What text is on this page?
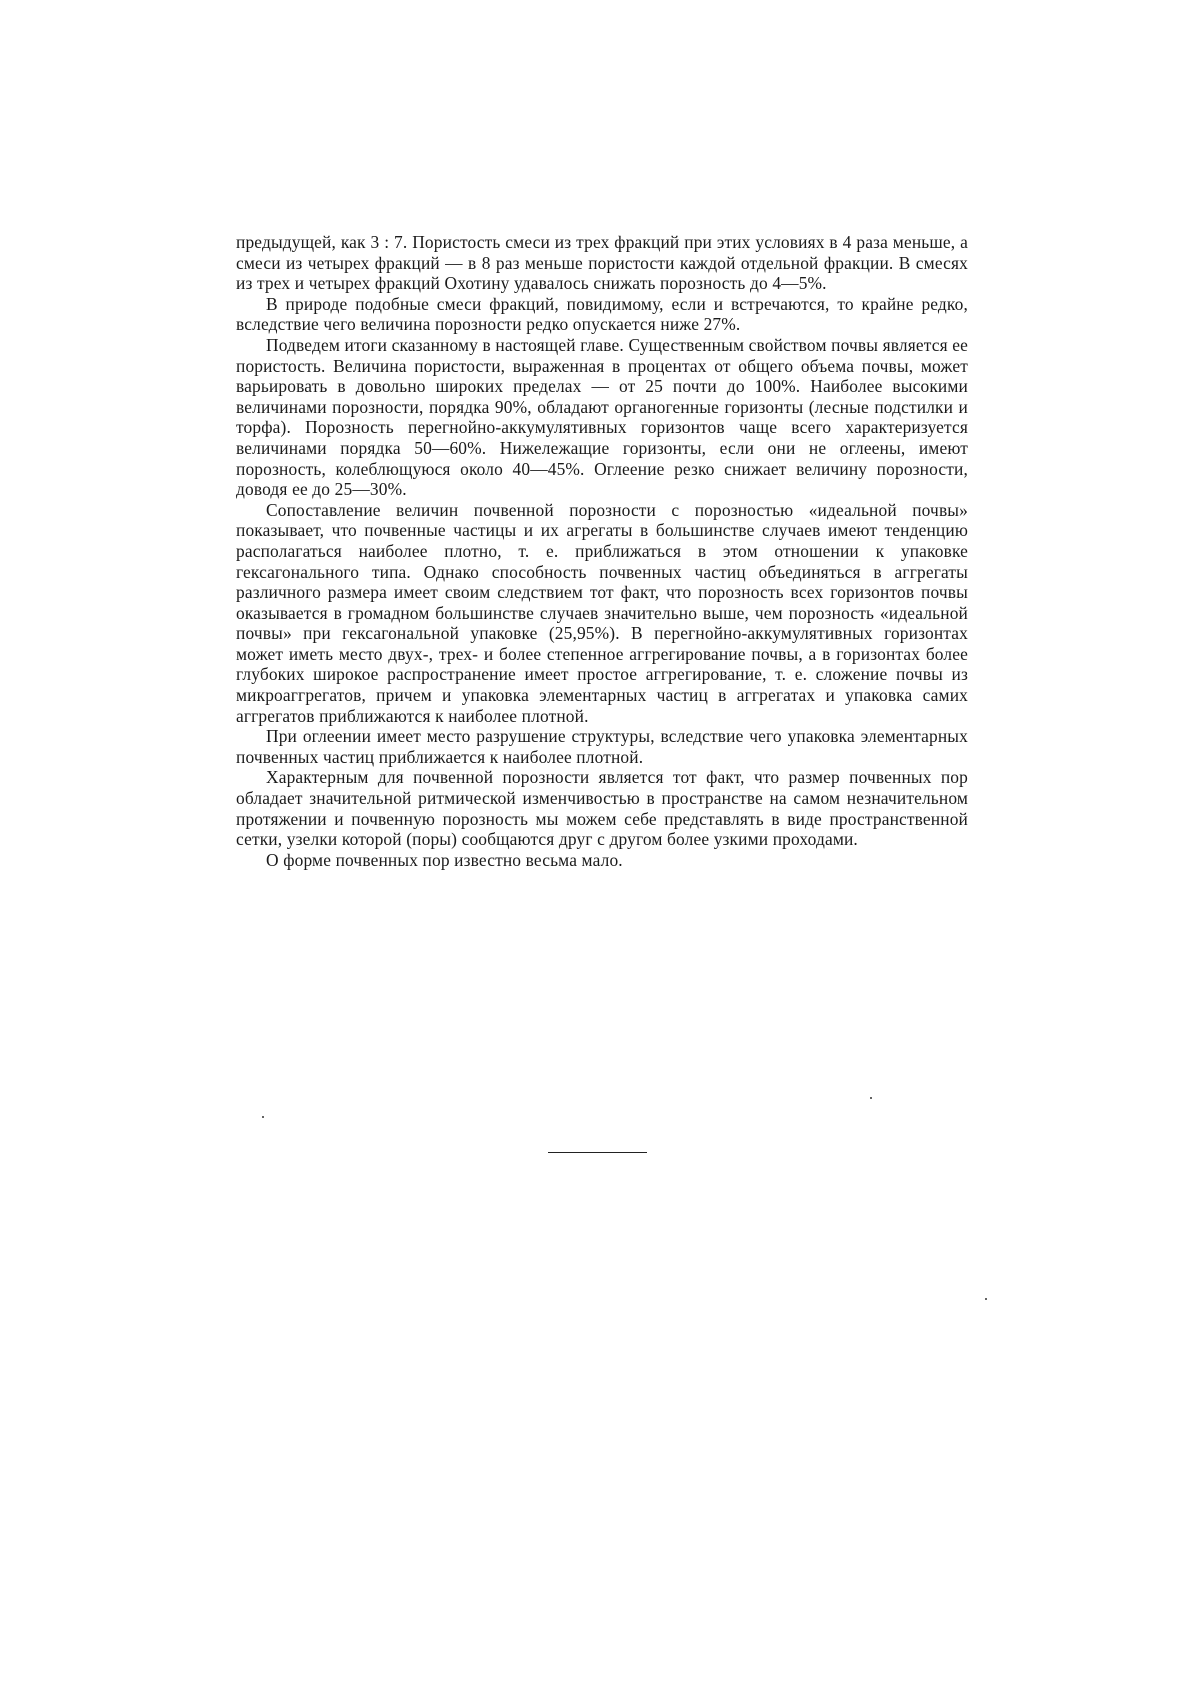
предыдущей, как 3 : 7. Пористость смеси из трех фракций при этих условиях в 4 раза меньше, а смеси из четырех фракций — в 8 раз меньше пористости каждой отдельной фракции. В смесях из трех и четырех фракций Охотину удавалось снижать порозность до 4—5%.

В природе подобные смеси фракций, повидимому, если и встречаются, то крайне редко, вследствие чего величина порозности редко опускается ниже 27%.

Подведем итоги сказанному в настоящей главе. Существенным свойством почвы является ее пористость. Величина пористости, выраженная в процентах от общего объема почвы, может варьировать в довольно широких пределах — от 25 почти до 100%. Наиболее высокими величинами порозности, порядка 90%, обладают органогенные горизонты (лесные подстилки и торфа). Порозность перегнойно-аккумулятивных горизонтов чаще всего характеризуется величинами порядка 50—60%. Нижележащие горизонты, если они не оглеены, имеют порозность, колеблющуюся около 40—45%. Оглеение резко снижает величину порозности, доводя ее до 25—30%.

Сопоставление величин почвенной порозности с порозностью «идеальной почвы» показывает, что почвенные частицы и их агрегаты в большинстве случаев имеют тенденцию располагаться наиболее плотно, т. е. приближаться в этом отношении к упаковке гексагонального типа. Однако способность почвенных частиц объединяться в аггрегаты различного размера имеет своим следствием тот факт, что порозность всех горизонтов почвы оказывается в громадном большинстве случаев значительно выше, чем порозность «идеальной почвы» при гексагональной упаковке (25,95%). В перегнойно-аккумулятивных горизонтах может иметь место двух-, трех- и более степенное аггрегирование почвы, а в горизонтах более глубоких широкое распространение имеет простое аггрегирование, т. е. сложение почвы из микроаггрегатов, причем и упаковка элементарных частиц в аггрегатах и упаковка самих аггрегатов приближаются к наиболее плотной.

При оглеении имеет место разрушение структуры, вследствие чего упаковка элементарных почвенных частиц приближается к наиболее плотной.

Характерным для почвенной порозности является тот факт, что размер почвенных пор обладает значительной ритмической изменчивостью в пространстве на самом незначительном протяжении и почвенную порозность мы можем себе представлять в виде пространственной сетки, узелки которой (поры) сообщаются друг с другом более узкими проходами.

О форме почвенных пор известно весьма мало.
